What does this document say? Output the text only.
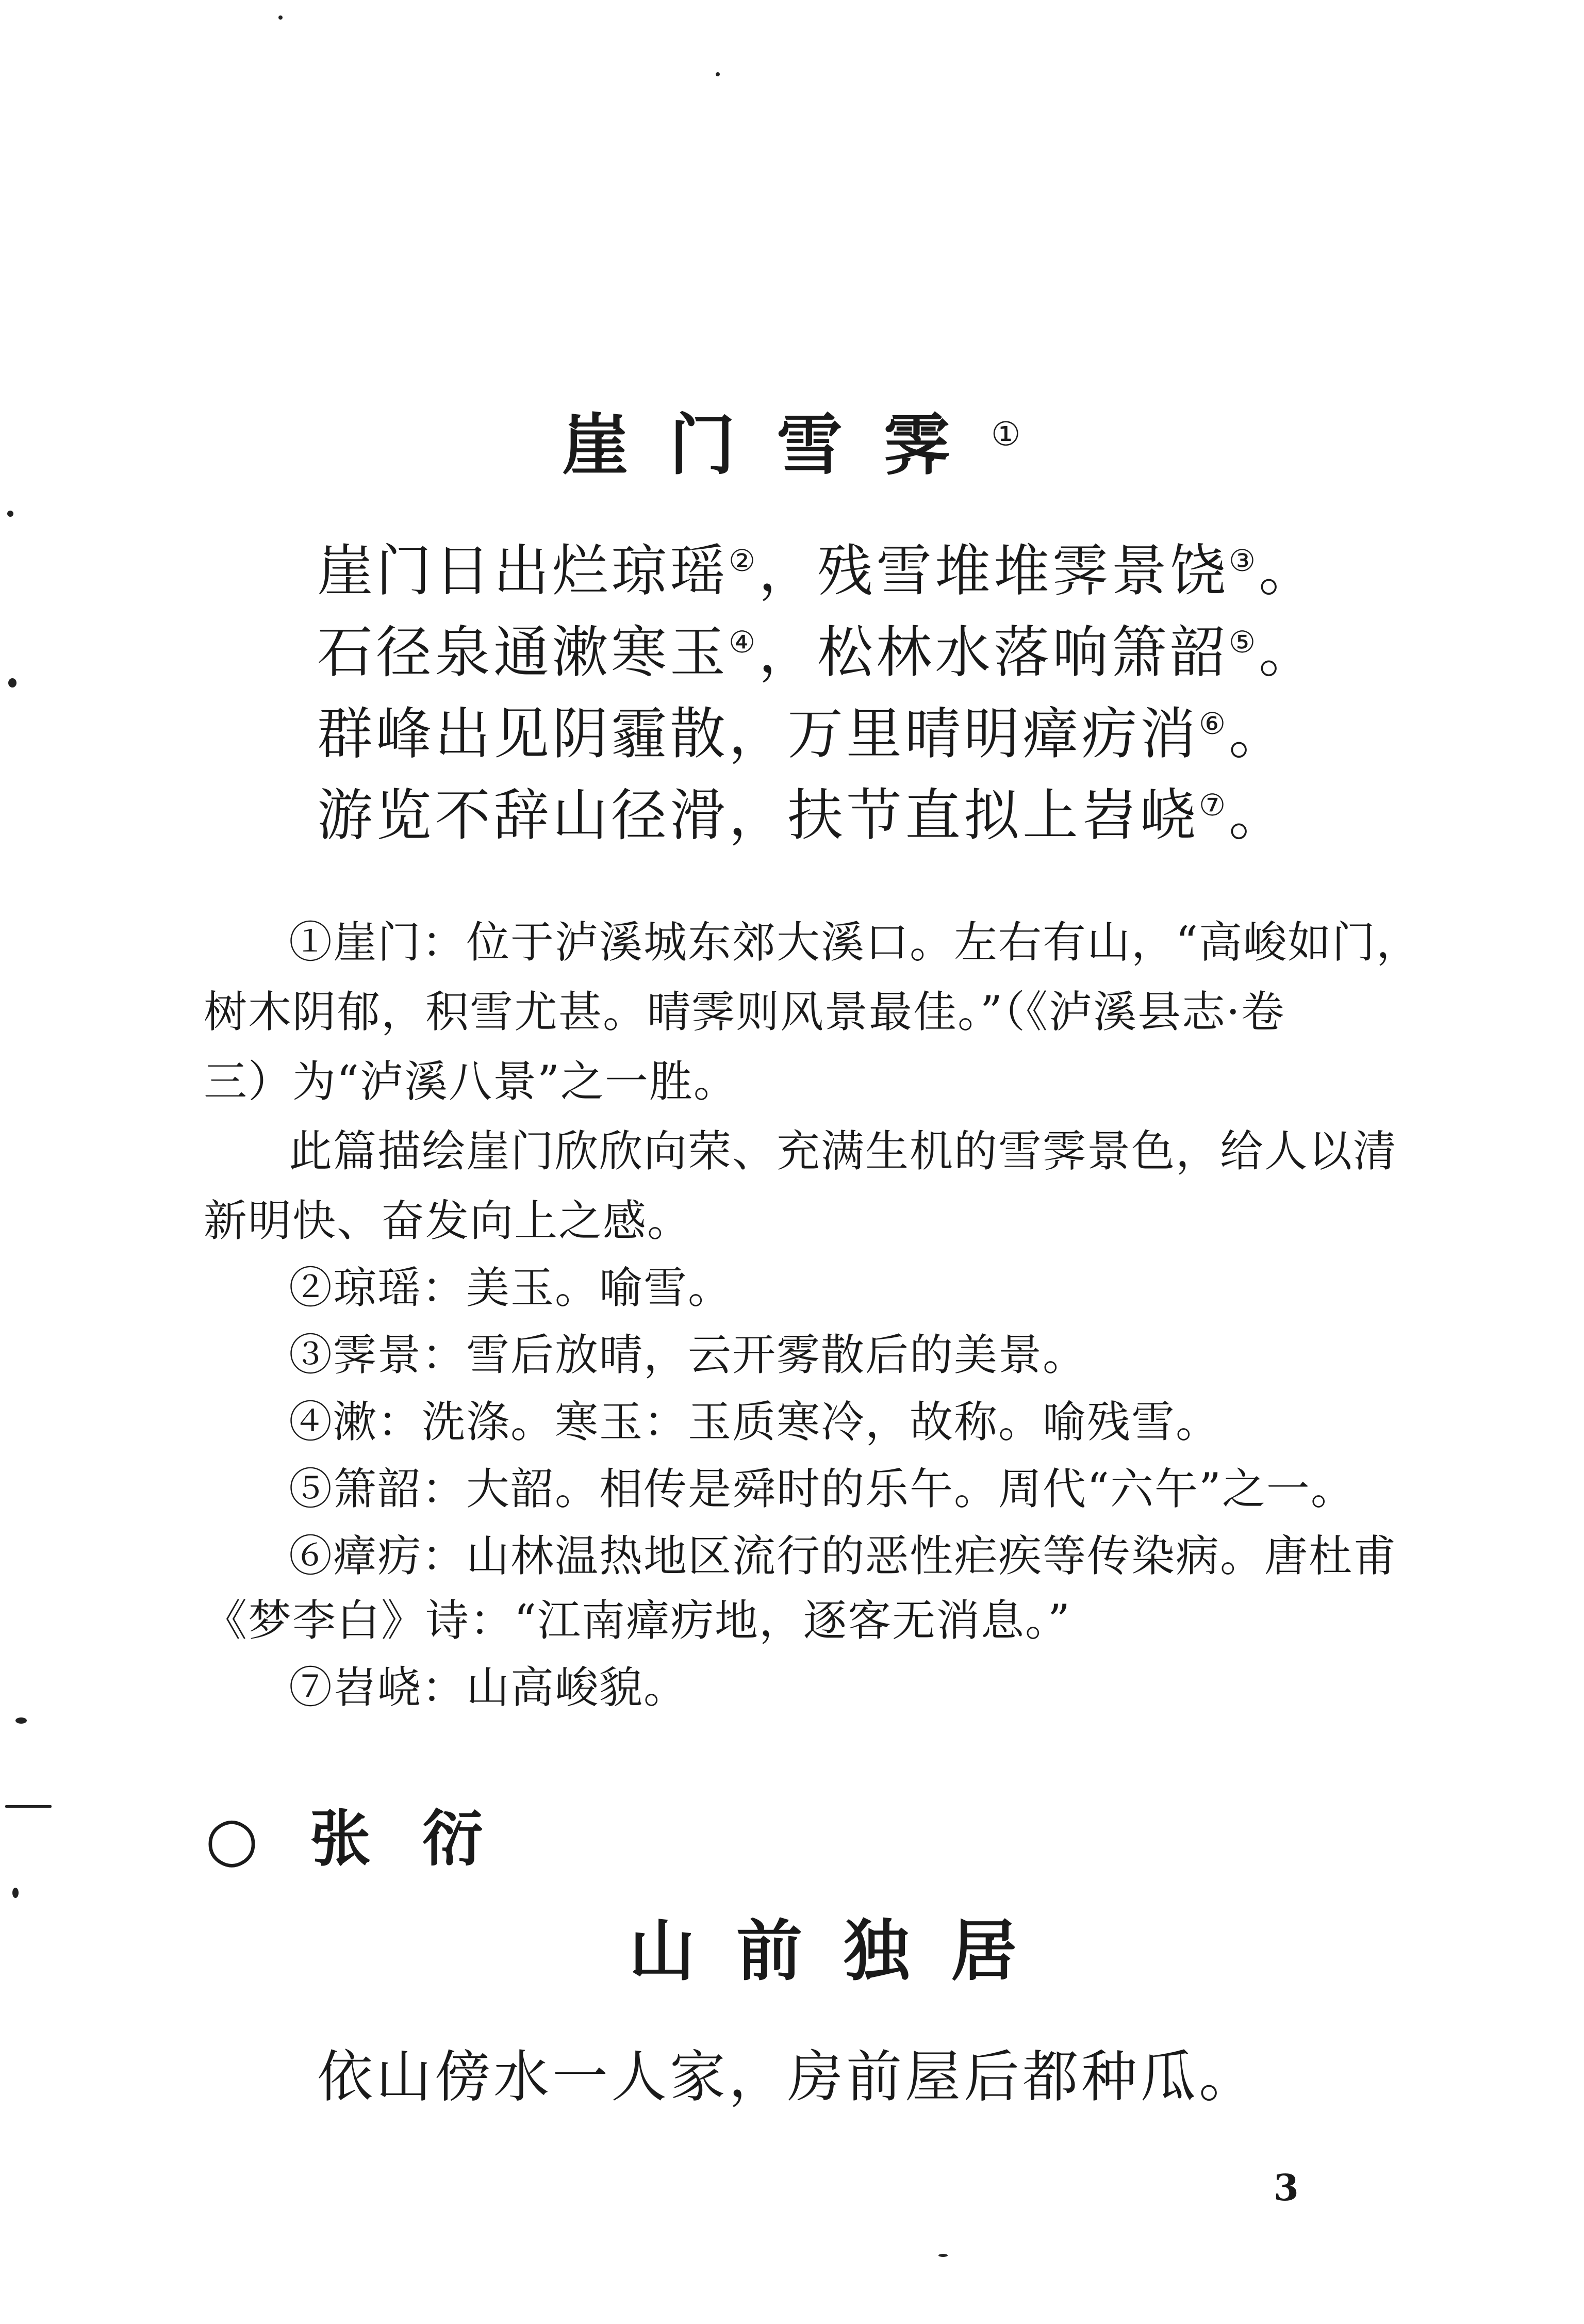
崖门雪霁①
崖门日出烂琼瑶②，残雪堆堆霁景饶③。
石径泉通漱寒玉④，松林水落响箫韶⑤。
群峰出见阴霾散，万里晴明瘴疠消⑥。
游览不辞山径滑，扶节直拟上岧峣⑦。
①崖门：位于泸溪城东郊大溪口。左右有山，“高峻如门，
树木阴郁，积雪尤甚。晴霁则风景最佳。”（《泸溪县志·卷
三）为“泸溪八景”之一胜。
此篇描绘崖门欣欣向荣、充满生机的雪霁景色，给人以清
新明快、奋发向上之感。
②琼瑶：美玉。喻雪。
③霁景：雪后放晴，云开雾散后的美景。
④漱：洗涤。寒玉：玉质寒冷，故称。喻残雪。
⑤箫韶：大韶。相传是舜时的乐午。周代“六午”之一。
⑥瘴疠：山林温热地区流行的恶性疟疾等传染病。唐杜甫
《梦李白》诗：“江南瘴疠地，逐客无消息。”
⑦岧峣：山高峻貌。
○张衍
山前独居
依山傍水一人家，房前屋后都种瓜。
3
